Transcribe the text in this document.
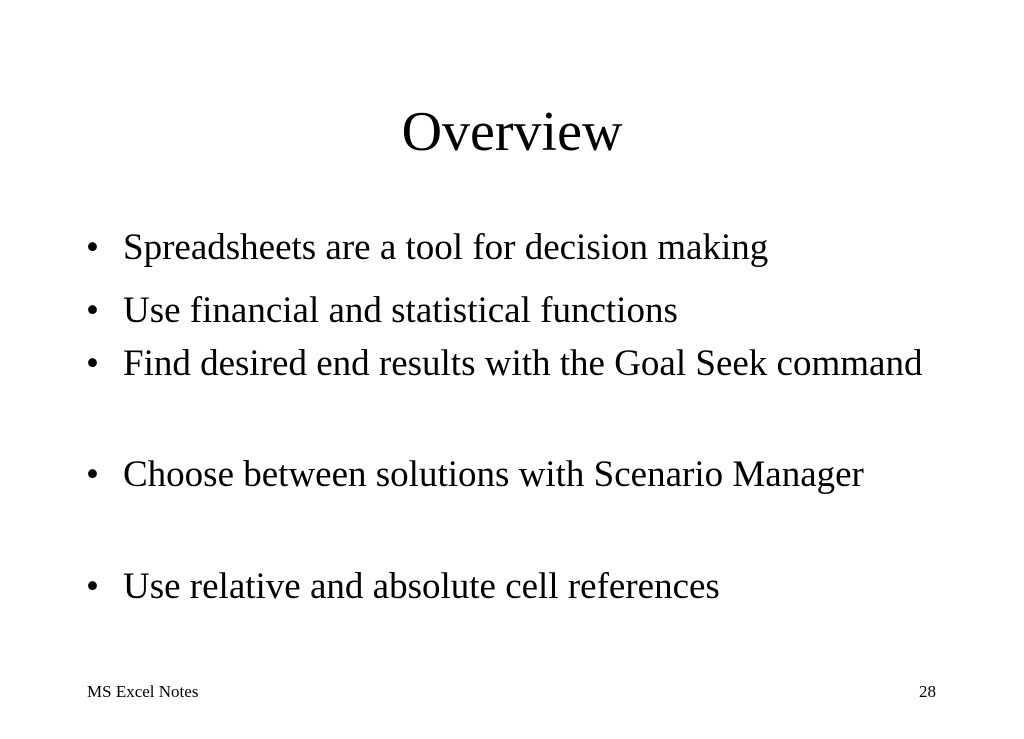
Overview
• Spreadsheets are a tool for decision making
• Use financial and statistical functions
• Find desired end results with the Goal Seek command
• Choose between solutions with Scenario Manager
• Use relative and absolute cell references
MS Excel Notes	28
